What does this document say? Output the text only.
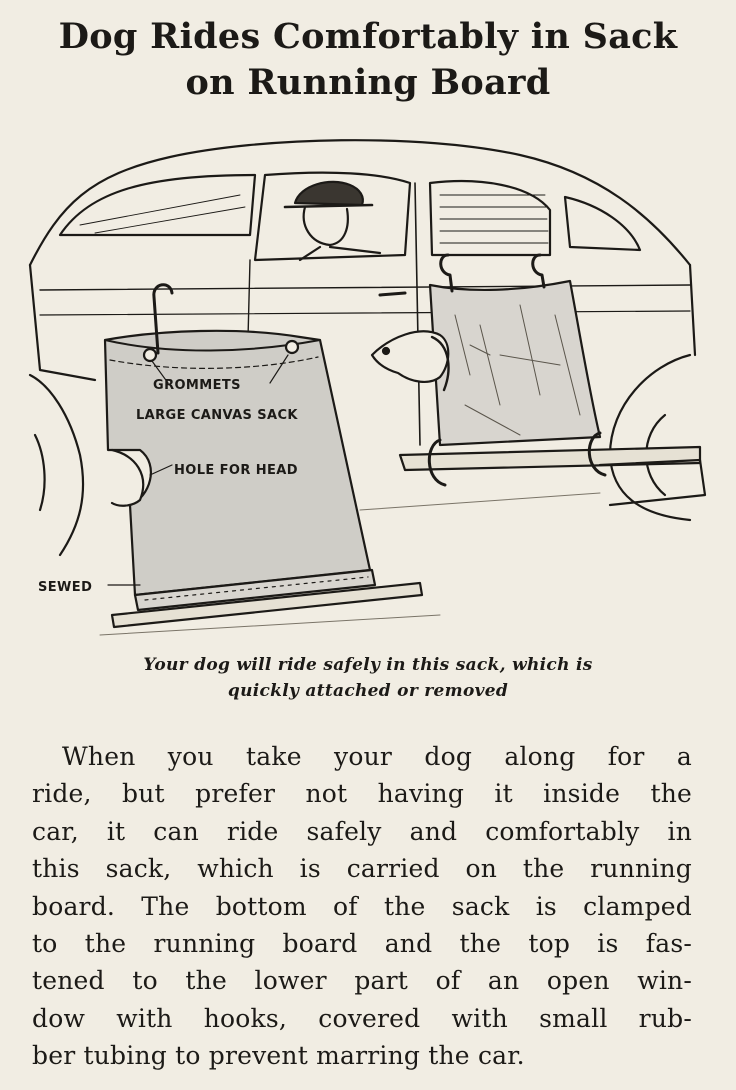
Dog Rides Comfortably in Sack
on Running Board
GROMMETS
LARGE CANVAS SACK
HOLE FOR HEAD
SEWED
Your dog will ride safely in this sack, which is
quickly attached or removed
When you take your dog along for a
ride, but prefer not having it inside the
car, it can ride safely and comfortably in
this sack, which is carried on the running
board. The bottom of the sack is clamped
to the running board and the top is fas-
tened to the lower part of an open win-
dow with hooks, covered with small rub-
ber tubing to prevent marring the car.
